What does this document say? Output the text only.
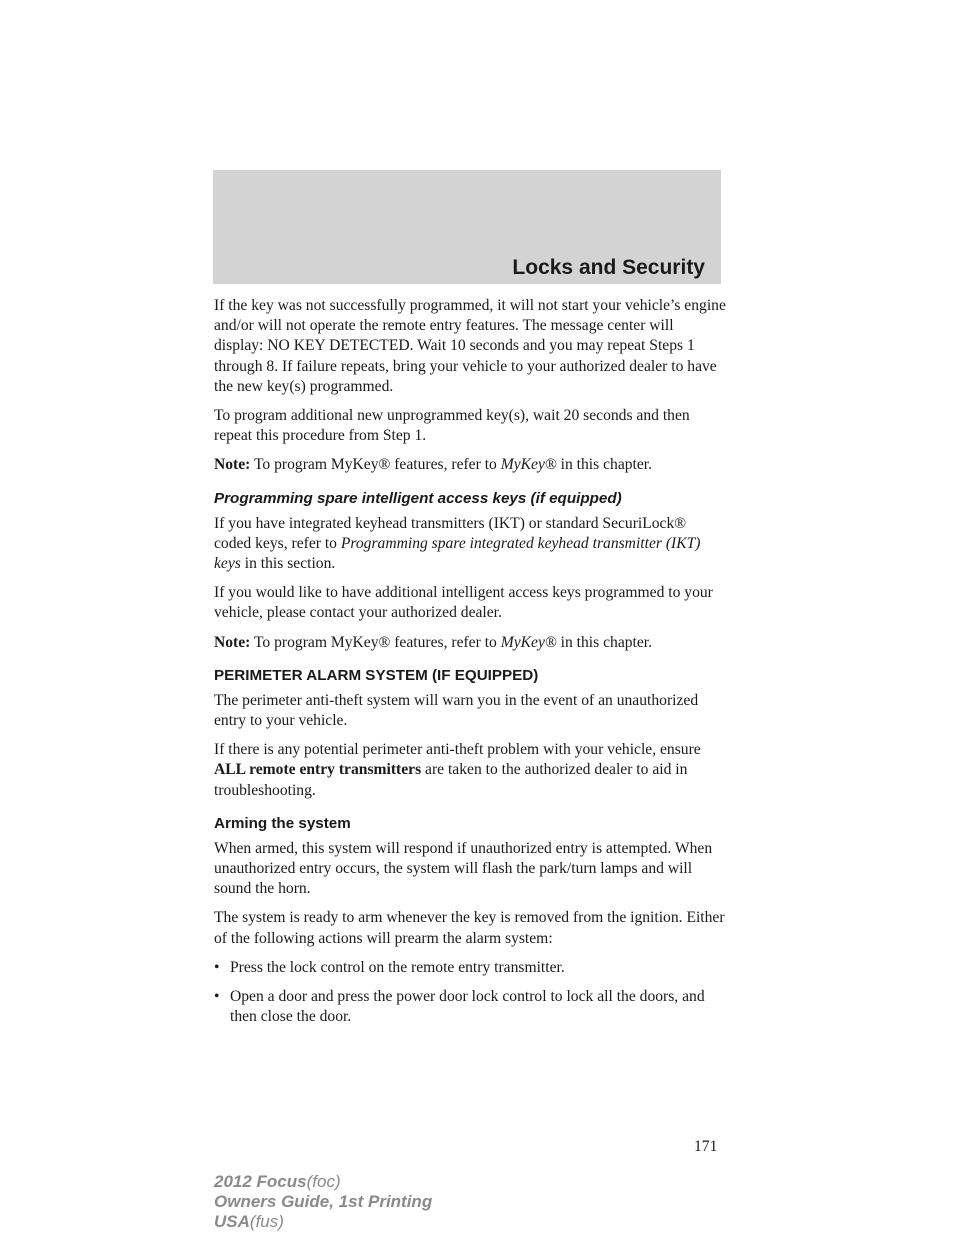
Locks and Security

If the key was not successfully programmed, it will not start your vehicle’s engine and/or will not operate the remote entry features. The message center will display: NO KEY DETECTED. Wait 10 seconds and you may repeat Steps 1 through 8. If failure repeats, bring your vehicle to your authorized dealer to have the new key(s) programmed.

To program additional new unprogrammed key(s), wait 20 seconds and then repeat this procedure from Step 1.

Note: To program MyKey® features, refer to MyKey® in this chapter.

Programming spare intelligent access keys (if equipped)

If you have integrated keyhead transmitters (IKT) or standard SecuriLock® coded keys, refer to Programming spare integrated keyhead transmitter (IKT) keys in this section.

If you would like to have additional intelligent access keys programmed to your vehicle, please contact your authorized dealer.

Note: To program MyKey® features, refer to MyKey® in this chapter.

PERIMETER ALARM SYSTEM (IF EQUIPPED)

The perimeter anti-theft system will warn you in the event of an unauthorized entry to your vehicle.

If there is any potential perimeter anti-theft problem with your vehicle, ensure ALL remote entry transmitters are taken to the authorized dealer to aid in troubleshooting.

Arming the system

When armed, this system will respond if unauthorized entry is attempted. When unauthorized entry occurs, the system will flash the park/turn lamps and will sound the horn.

The system is ready to arm whenever the key is removed from the ignition. Either of the following actions will prearm the alarm system:

• Press the lock control on the remote entry transmitter.
• Open a door and press the power door lock control to lock all the doors, and then close the door.
171
2012 Focus(foc)
Owners Guide, 1st Printing
USA(fus)
